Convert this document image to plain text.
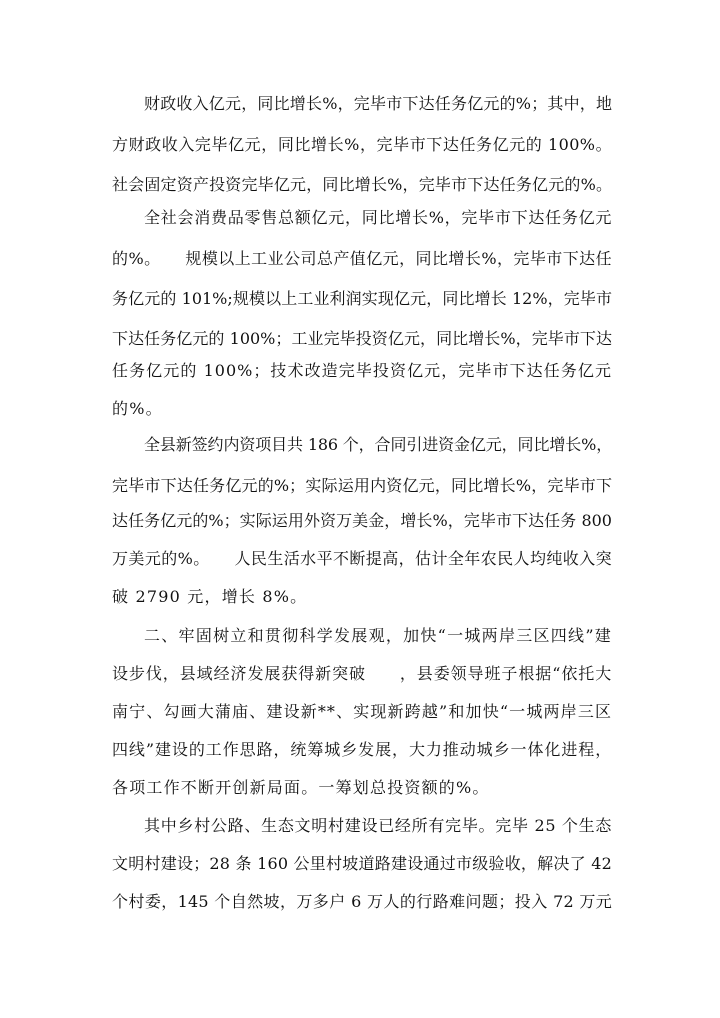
财政收入亿元，同比增长%，完毕市下达任务亿元的%；其中，地
方财政收入完毕亿元，同比增长%，完毕市下达任务亿元的 100%。
社会固定资产投资完毕亿元，同比增长%，完毕市下达任务亿元的%。
全社会消费品零售总额亿元，同比增长%，完毕市下达任务亿元
的%。　　规模以上工业公司总产值亿元，同比增长%，完毕市下达任
务亿元的 101%;规模以上工业利润实现亿元，同比增长 12%，完毕市
下达任务亿元的 100%；工业完毕投资亿元，同比增长%，完毕市下达
任务亿元的 100%；技术改造完毕投资亿元，完毕市下达任务亿元
的%。
全县新签约内资项目共 186 个，合同引进资金亿元，同比增长%，
完毕市下达任务亿元的%；实际运用内资亿元，同比增长%，完毕市下
达任务亿元的%；实际运用外资万美金，增长%，完毕市下达任务 800
万美元的%。　　人民生活水平不断提高，估计全年农民人均纯收入突
破 2790 元，增长 8%。
二、牢固树立和贯彻科学发展观，加快“一城两岸三区四线”建
设步伐，县域经济发展获得新突破　　，县委领导班子根据“依托大
南宁、勾画大蒲庙、建设新**、实现新跨越”和加快“一城两岸三区
四线”建设的工作思路，统筹城乡发展，大力推动城乡一体化进程，
各项工作不断开创新局面。一筹划总投资额的%。
其中乡村公路、生态文明村建设已经所有完毕。完毕 25 个生态
文明村建设；28 条 160 公里村坡道路建设通过市级验收，解决了 42
个村委，145 个自然坡，万多户 6 万人的行路难问题；投入 72 万元
